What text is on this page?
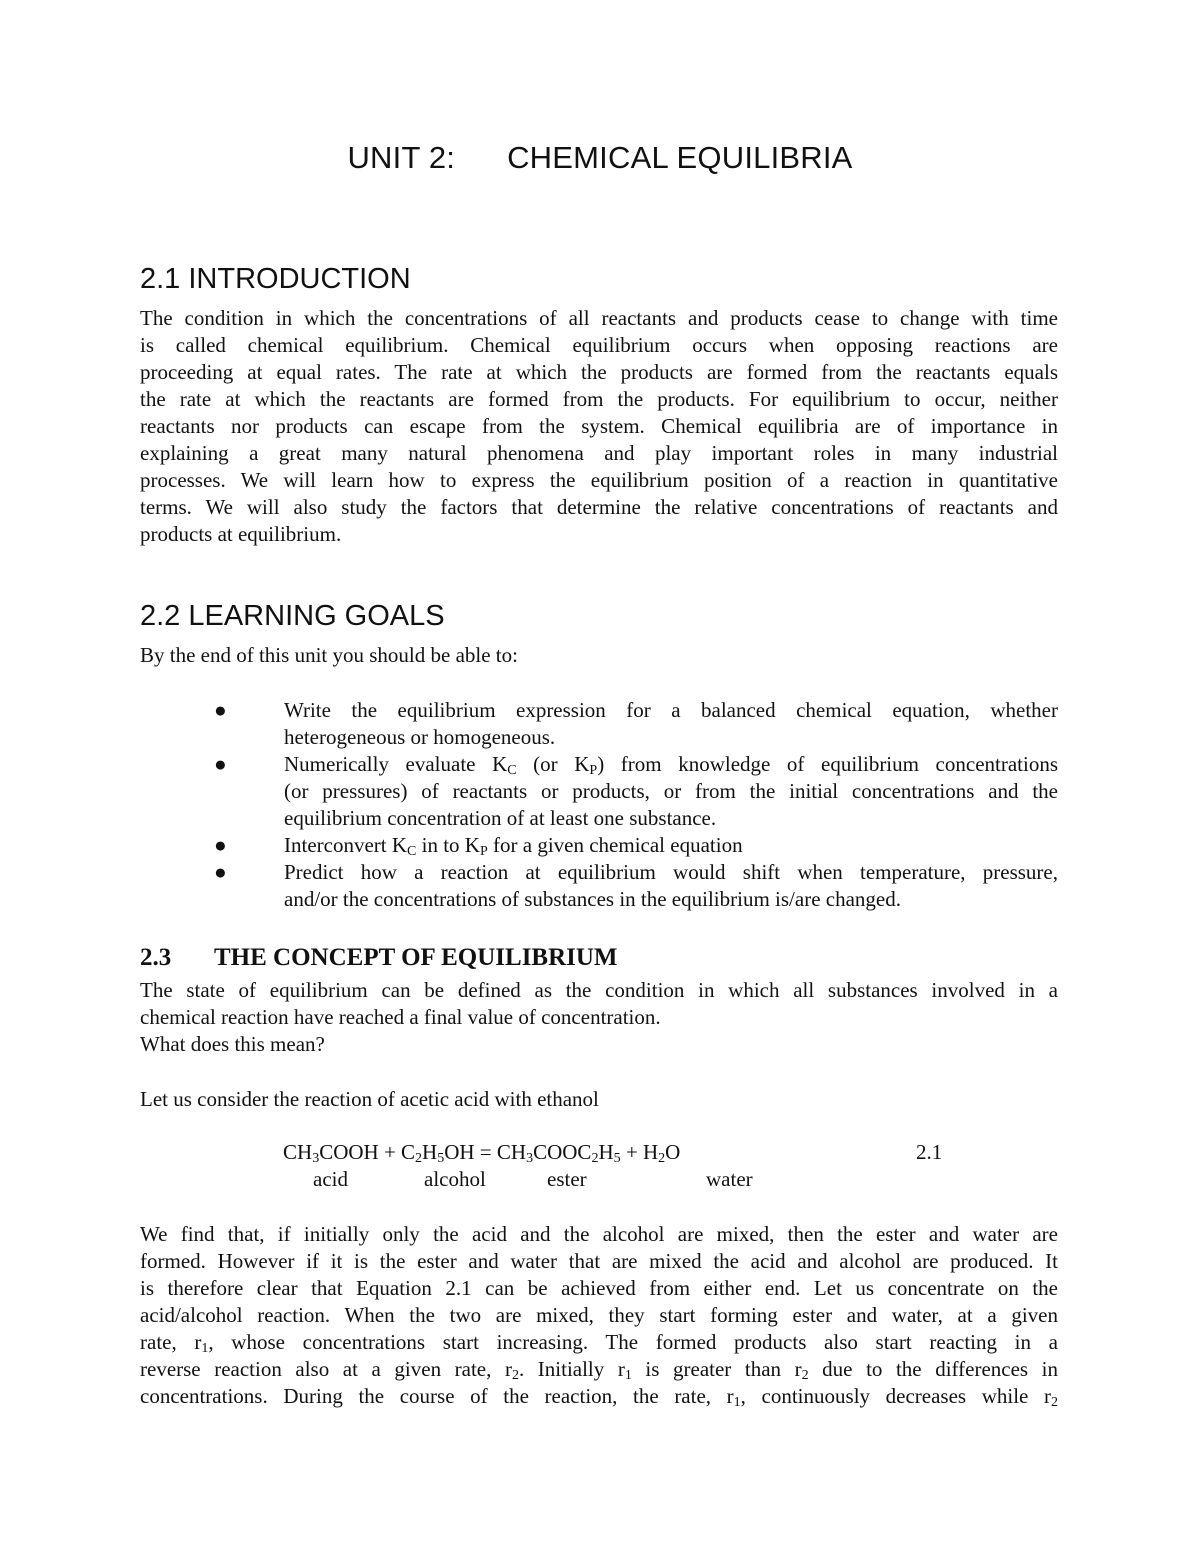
UNIT 2: CHEMICAL EQUILIBRIA
2.1 INTRODUCTION
The condition in which the concentrations of all reactants and products cease to change with time
is called chemical equilibrium. Chemical equilibrium occurs when opposing reactions are
proceeding at equal rates. The rate at which the products are formed from the reactants equals
the rate at which the reactants are formed from the products. For equilibrium to occur, neither
reactants nor products can escape from the system. Chemical equilibria are of importance in
explaining a great many natural phenomena and play important roles in many industrial
processes. We will learn how to express the equilibrium position of a reaction in quantitative
terms. We will also study the factors that determine the relative concentrations of reactants and
products at equilibrium.
2.2 LEARNING GOALS
By the end of this unit you should be able to:
●	Write the equilibrium expression for a balanced chemical equation, whether
heterogeneous or homogeneous.
●	Numerically evaluate $K_C$ (or $K_P$) from knowledge of equilibrium concentrations
(or pressures) of reactants or products, or from the initial concentrations and the
equilibrium concentration of at least one substance.
●	Interconvert $K_C$ in to $K_P$ for a given chemical equation
●	Predict how a reaction at equilibrium would shift when temperature, pressure,
and/or the concentrations of substances in the equilibrium is/are changed.
2.3 THE CONCEPT OF EQUILIBRIUM
The state of equilibrium can be defined as the condition in which all substances involved in a
chemical reaction have reached a final value of concentration.
What does this mean?
Let us consider the reaction of acetic acid with ethanol
$CH_3COOH + C_2H_5OH$ = $CH_3COOC_2H_5 + H_2O$	2.1
acid	alcohol	ester	water
We find that, if initially only the acid and the alcohol are mixed, then the ester and water are
formed. However if it is the ester and water that are mixed the acid and alcohol are produced. It
is therefore clear that Equation 2.1 can be achieved from either end. Let us concentrate on the
acid/alcohol reaction. When the two are mixed, they start forming ester and water, at a given
rate, $r_1$, whose concentrations start increasing. The formed products also start reacting in a
reverse reaction also at a given rate, $r_2$. Initially $r_1$ is greater than $r_2$ due to the differences in
concentrations. During the course of the reaction, the rate, $r_1$, continuously decreases while $r_2$
